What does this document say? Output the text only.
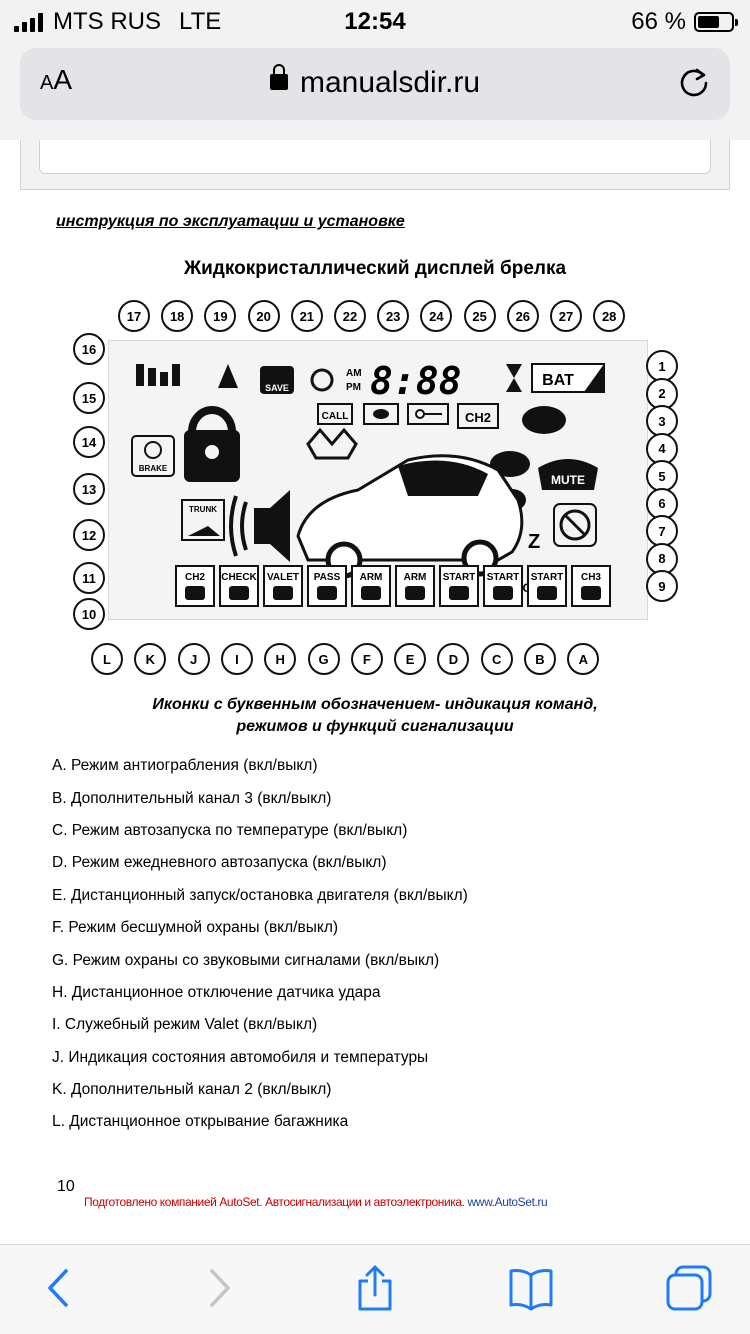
MTS RUS LTE	12:54	66 %
AA	manualsdir.ru
инструкция по эксплуатации и установке
Жидкокристаллический дисплей брелка
SAVE
AM
PM 8:88	BAT
BRAKE
CALL	CH2
MUTE
Z
TRUNK
CH2 CHECK VALET PASS ARM ARM START START START CH3
17	18	19	20	21	22	23	24	25	26	27	28
16
15
14
13
12
11
10
1
2
3
4
5
6
7
8
9
L	K	J	I	H	G	F	E	D	C	B	A
Иконки с буквенным обозначением- индикация команд,
режимов и функций сигнализации
A. Режим антиограбления (вкл/выкл)
B. Дополнительный канал 3 (вкл/выкл)
C. Режим автозапуска по температуре (вкл/выкл)
D. Режим ежедневного автозапуска (вкл/выкл)
E. Дистанционный запуск/остановка двигателя (вкл/выкл)
F. Режим бесшумной охраны (вкл/выкл)
G. Режим охраны со звуковыми сигналами (вкл/выкл)
H. Дистанционное отключение датчика удара
I. Служебный режим Valet (вкл/выкл)
J. Индикация состояния автомобиля и температуры
K. Дополнительный канал 2 (вкл/выкл)
L. Дистанционное открывание багажника
10
Подготовлено компанией AutoSet. Автосигнализации и автоэлектроника. www.AutoSet.ru
